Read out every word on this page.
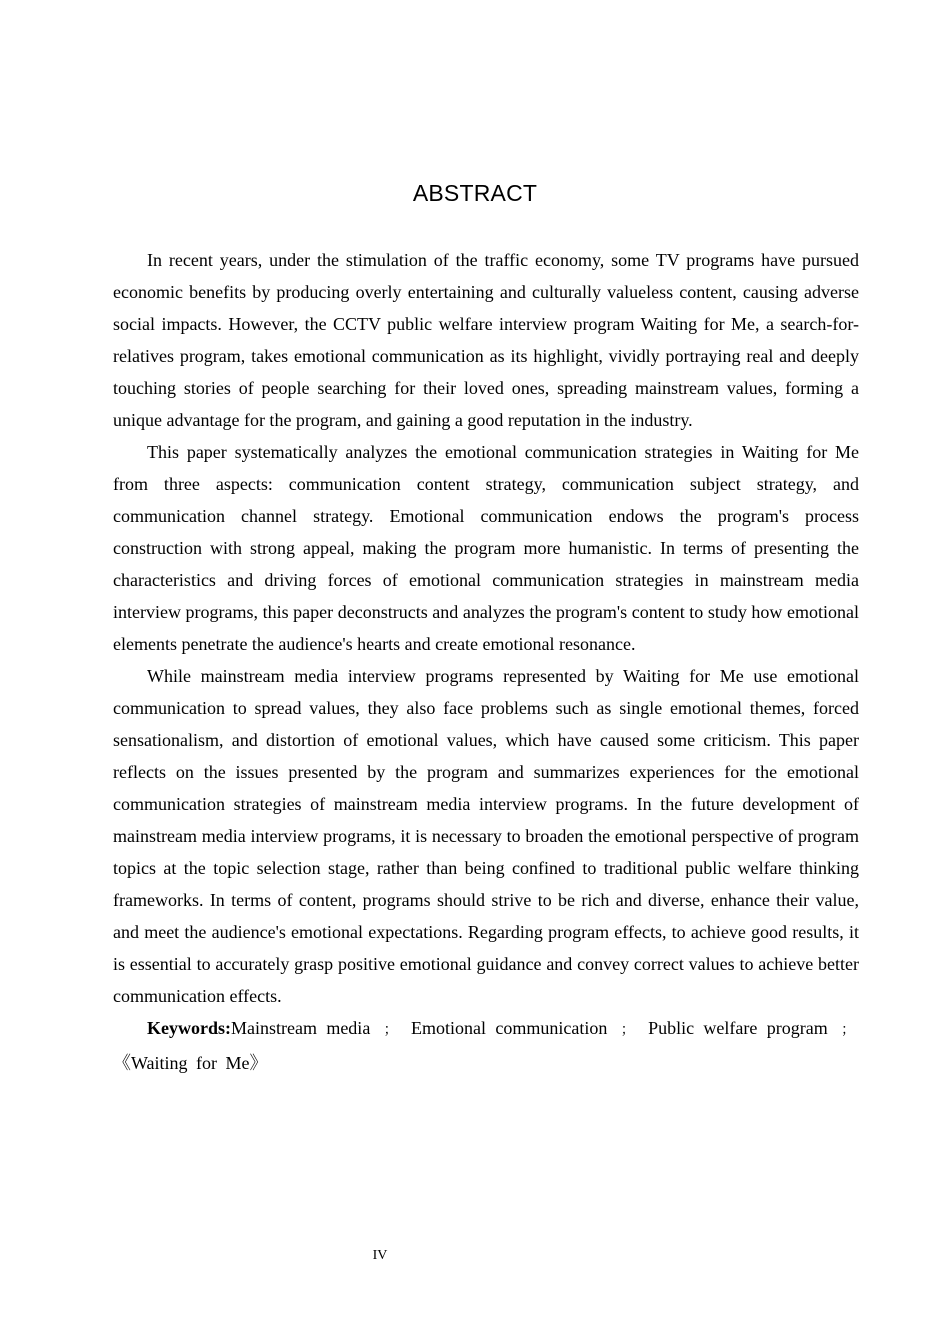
ABSTRACT

In recent years, under the stimulation of the traffic economy, some TV programs have pursued economic benefits by producing overly entertaining and culturally valueless content, causing adverse social impacts. However, the CCTV public welfare interview program Waiting for Me, a search-for-relatives program, takes emotional communication as its highlight, vividly portraying real and deeply touching stories of people searching for their loved ones, spreading mainstream values, forming a unique advantage for the program, and gaining a good reputation in the industry.

This paper systematically analyzes the emotional communication strategies in Waiting for Me from three aspects: communication content strategy, communication subject strategy, and communication channel strategy. Emotional communication endows the program's process construction with strong appeal, making the program more humanistic. In terms of presenting the characteristics and driving forces of emotional communication strategies in mainstream media interview programs, this paper deconstructs and analyzes the program's content to study how emotional elements penetrate the audience's hearts and create emotional resonance.

While mainstream media interview programs represented by Waiting for Me use emotional communication to spread values, they also face problems such as single emotional themes, forced sensationalism, and distortion of emotional values, which have caused some criticism. This paper reflects on the issues presented by the program and summarizes experiences for the emotional communication strategies of mainstream media interview programs. In the future development of mainstream media interview programs, it is necessary to broaden the emotional perspective of program topics at the topic selection stage, rather than being confined to traditional public welfare thinking frameworks. In terms of content, programs should strive to be rich and diverse, enhance their value, and meet the audience's emotional expectations. Regarding program effects, to achieve good results, it is essential to accurately grasp positive emotional guidance and convey correct values to achieve better communication effects.

Keywords:Mainstream media ； Emotional communication ； Public welfare program ； 《Waiting for Me》

IV
